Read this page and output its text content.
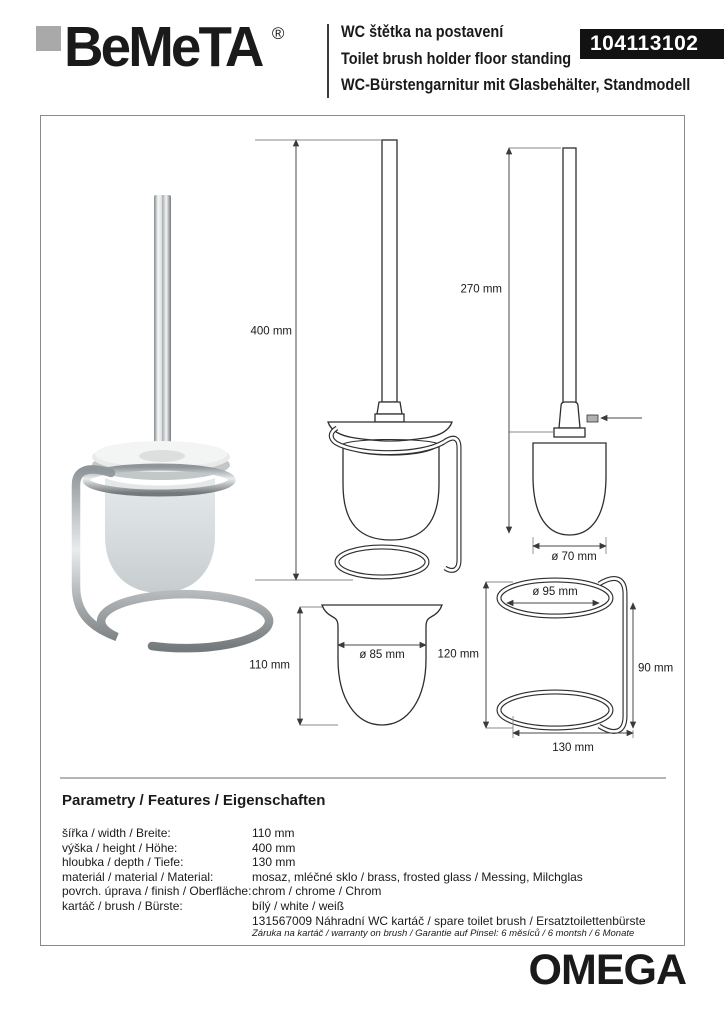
BeMeTA ®	WC štětka na postavení
Toilet brush holder floor standing
WC-Bürstengarnitur mit Glasbehälter, Standmodell
104113102
400 mm
270 mm
ø 70 mm
110 mm
ø 85 mm
ø 95 mm
120 mm
90 mm
130 mm
Parametry / Features / Eigenschaften
šířka / width / Breite:	110 mm
výška / height / Höhe:	400 mm
hloubka / depth / Tiefe:	130 mm
materiál / material / Material:	mosaz, mléčné sklo / brass, frosted glass / Messing, Milchglas
povrch. úprava / finish / Oberfläche: chrom / chrome / Chrom
kartáč / brush / Bürste:	bílý / white / weiß
131567009 Náhradní WC kartáč / spare toilet brush / Ersatztoilettenbürste
Záruka na kartáč / warranty on brush / Garantie auf Pinsel: 6 měsíců / 6 montsh / 6 Monate
OMEGA
